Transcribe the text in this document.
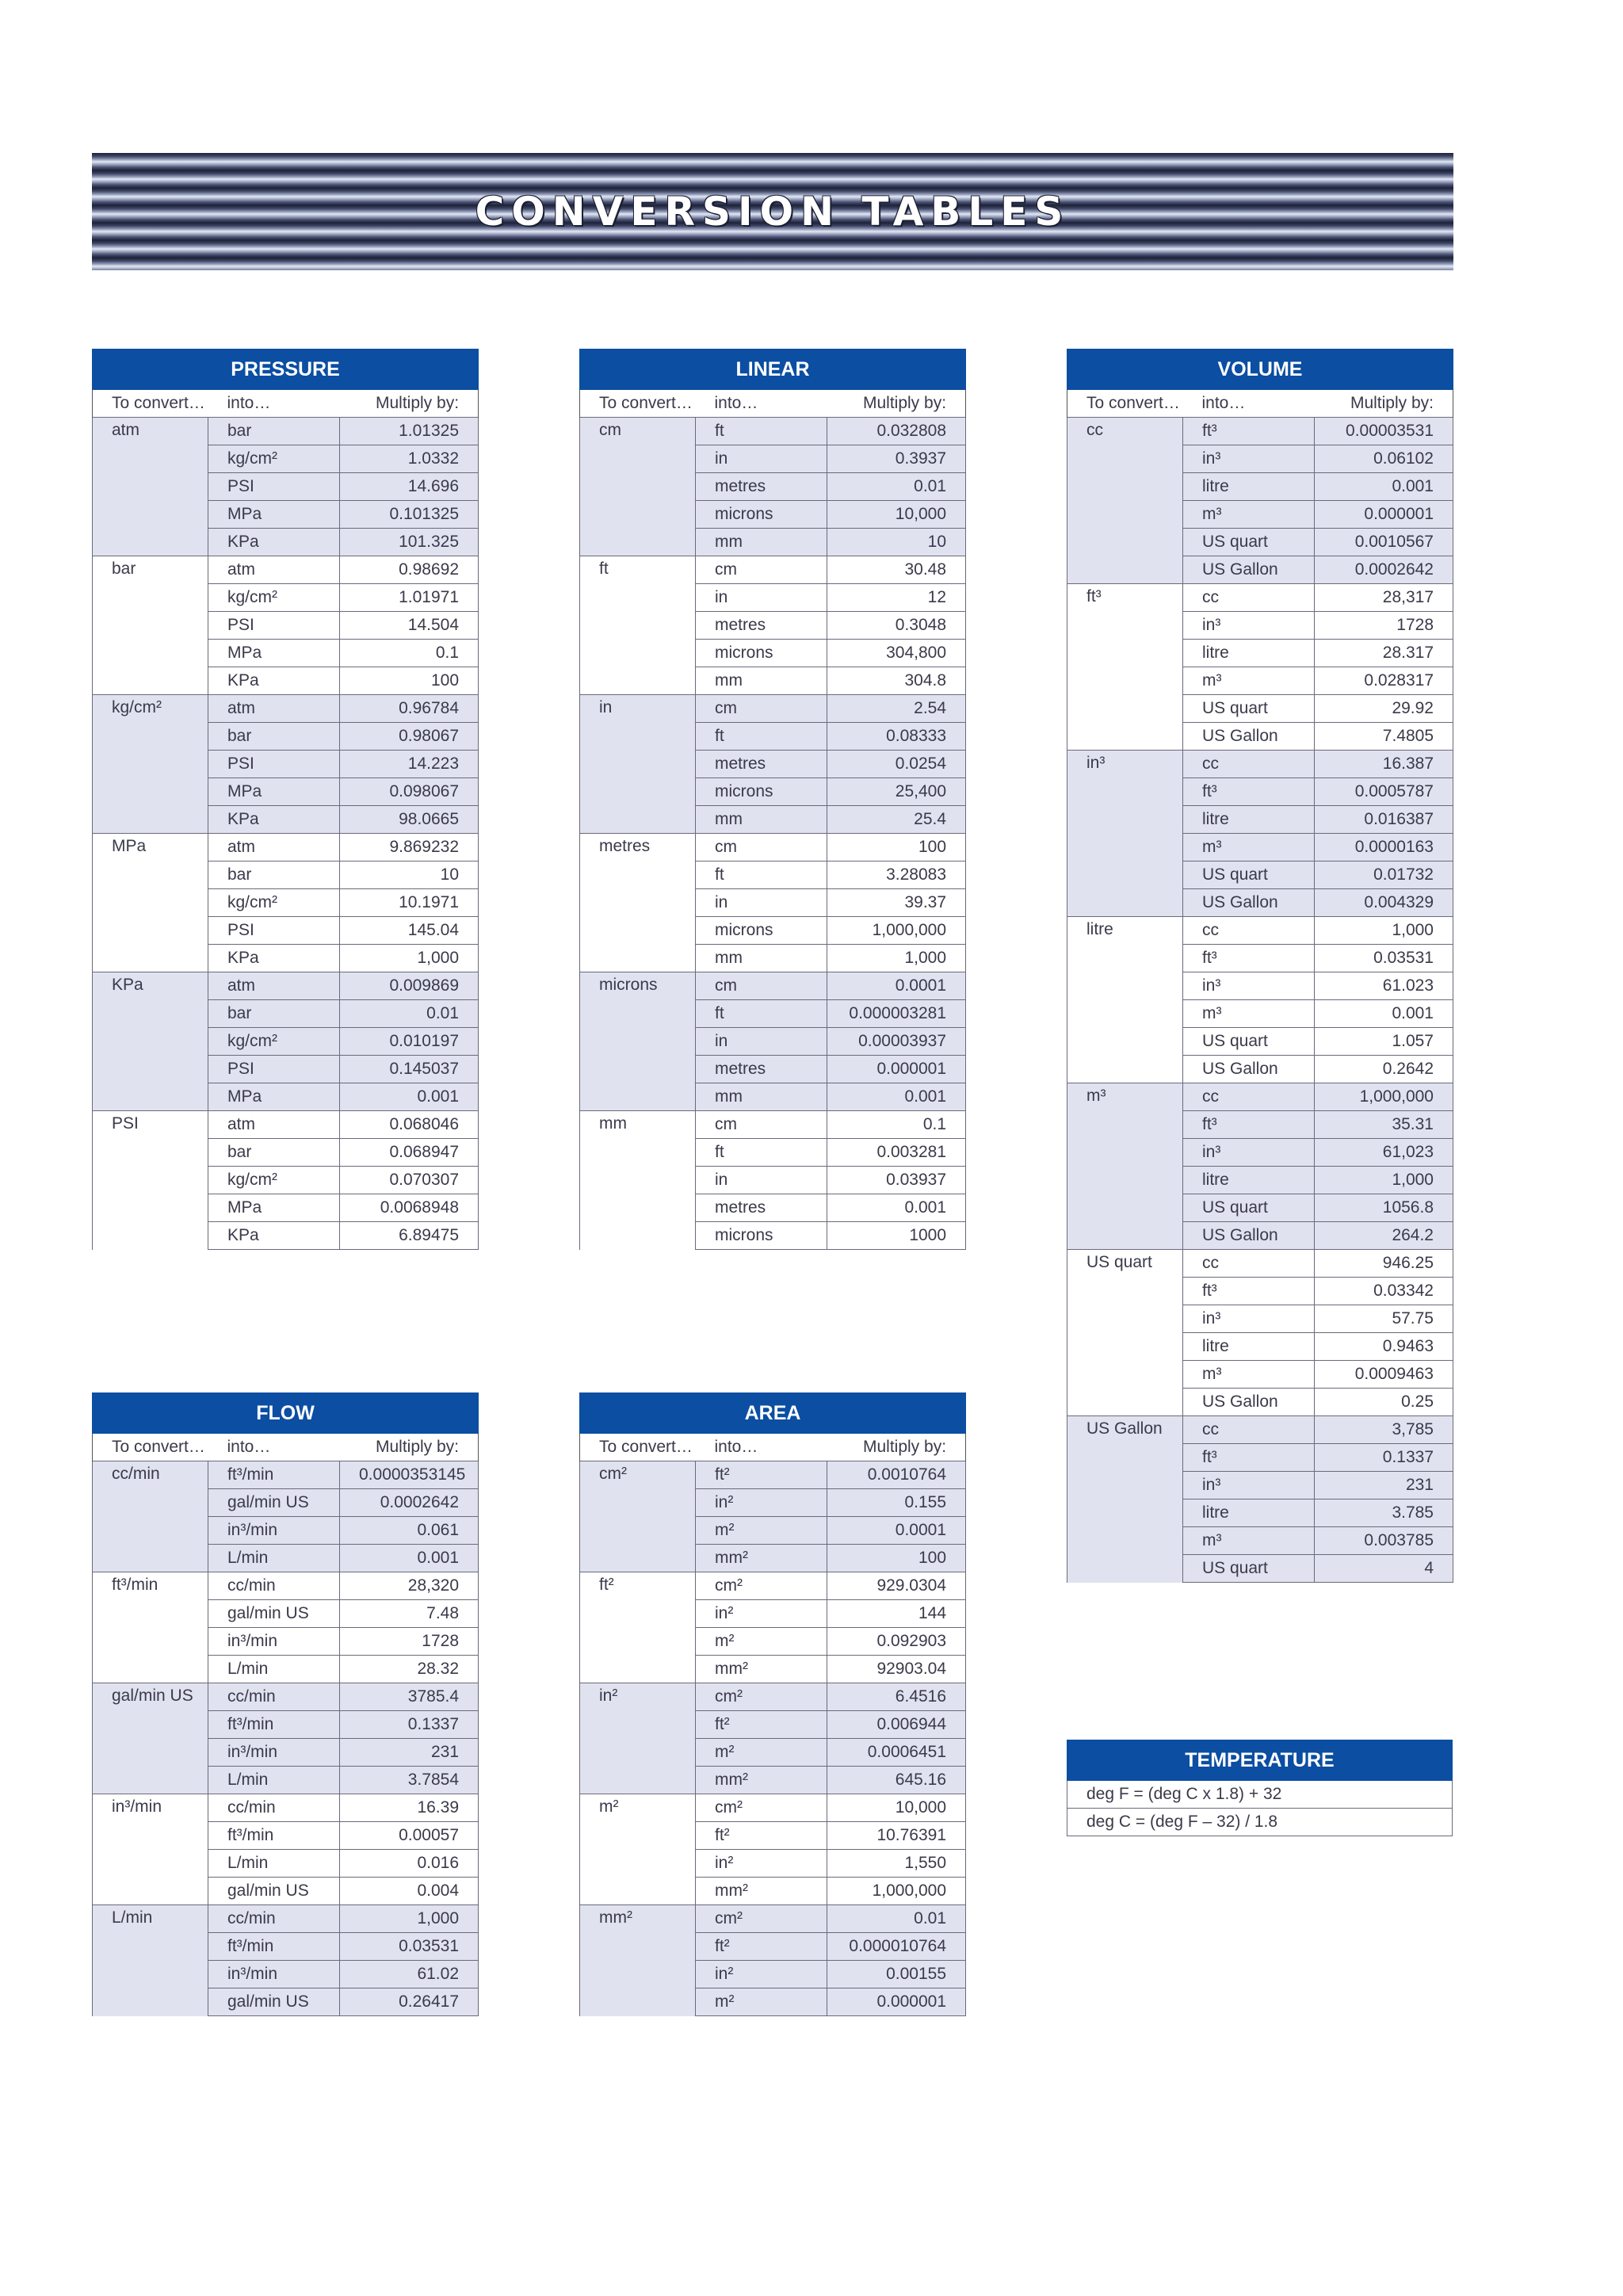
CONVERSION TABLES
PRESSURE		
To convert…	into…	Multiply by:
atm	bar	1.01325
	kg/cm²	1.0332
	PSI	14.696
	MPa	0.101325
	KPa	101.325
bar	atm	0.98692
	kg/cm²	1.01971
	PSI	14.504
	MPa	0.1
	KPa	100
kg/cm²	atm	0.96784
	bar	0.98067
	PSI	14.223
	MPa	0.098067
	KPa	98.0665
MPa	atm	9.869232
	bar	10
	kg/cm²	10.1971
	PSI	145.04
	KPa	1,000
KPa	atm	0.009869
	bar	0.01
	kg/cm²	0.010197
	PSI	0.145037
	MPa	0.001
PSI	atm	0.068046
	bar	0.068947
	kg/cm²	0.070307
	MPa	0.0068948
	KPa	6.89475
LINEAR		
To convert…	into…	Multiply by:
cm	ft	0.032808
	in	0.3937
	metres	0.01
	microns	10,000
	mm	10
ft	cm	30.48
	in	12
	metres	0.3048
	microns	304,800
	mm	304.8
in	cm	2.54
	ft	0.08333
	metres	0.0254
	microns	25,400
	mm	25.4
metres	cm	100
	ft	3.28083
	in	39.37
	microns	1,000,000
	mm	1,000
microns	cm	0.0001
	ft	0.000003281
	in	0.00003937
	metres	0.000001
	mm	0.001
mm	cm	0.1
	ft	0.003281
	in	0.03937
	metres	0.001
	microns	1000
VOLUME		
To convert…	into…	Multiply by:
cc	ft³	0.00003531
	in³	0.06102
	litre	0.001
	m³	0.000001
	US quart	0.0010567
	US Gallon	0.0002642
ft³	cc	28,317
	in³	1728
	litre	28.317
	m³	0.028317
	US quart	29.92
	US Gallon	7.4805
in³	cc	16.387
	ft³	0.0005787
	litre	0.016387
	m³	0.0000163
	US quart	0.01732
	US Gallon	0.004329
litre	cc	1,000
	ft³	0.03531
	in³	61.023
	m³	0.001
	US quart	1.057
	US Gallon	0.2642
m³	cc	1,000,000
	ft³	35.31
	in³	61,023
	litre	1,000
	US quart	1056.8
	US Gallon	264.2
US quart	cc	946.25
	ft³	0.03342
	in³	57.75
	litre	0.9463
	m³	0.0009463
	US Gallon	0.25
US Gallon	cc	3,785
	ft³	0.1337
	in³	231
	litre	3.785
	m³	0.003785
	US quart	4
FLOW		
To convert…	into…	Multiply by:
cc/min	ft³/min	0.0000353145
	gal/min US	0.0002642
	in³/min	0.061
	L/min	0.001
ft³/min	cc/min	28,320
	gal/min US	7.48
	in³/min	1728
	L/min	28.32
gal/min US	cc/min	3785.4
	ft³/min	0.1337
	in³/min	231
	L/min	3.7854
in³/min	cc/min	16.39
	ft³/min	0.00057
	L/min	0.016
	gal/min US	0.004
L/min	cc/min	1,000
	ft³/min	0.03531
	in³/min	61.02
	gal/min US	0.26417
AREA		
To convert…	into…	Multiply by:
cm²	ft²	0.0010764
	in²	0.155
	m²	0.0001
	mm²	100
ft²	cm²	929.0304
	in²	144
	m²	0.092903
	mm²	92903.04
in²	cm²	6.4516
	ft²	0.006944
	m²	0.0006451
	mm²	645.16
m²	cm²	10,000
	ft²	10.76391
	in²	1,550
	mm²	1,000,000
mm²	cm²	0.01
	ft²	0.000010764
	in²	0.00155
	m²	0.000001
TEMPERATURE
deg F = (deg C x 1.8) + 32
deg C = (deg F – 32) / 1.8
